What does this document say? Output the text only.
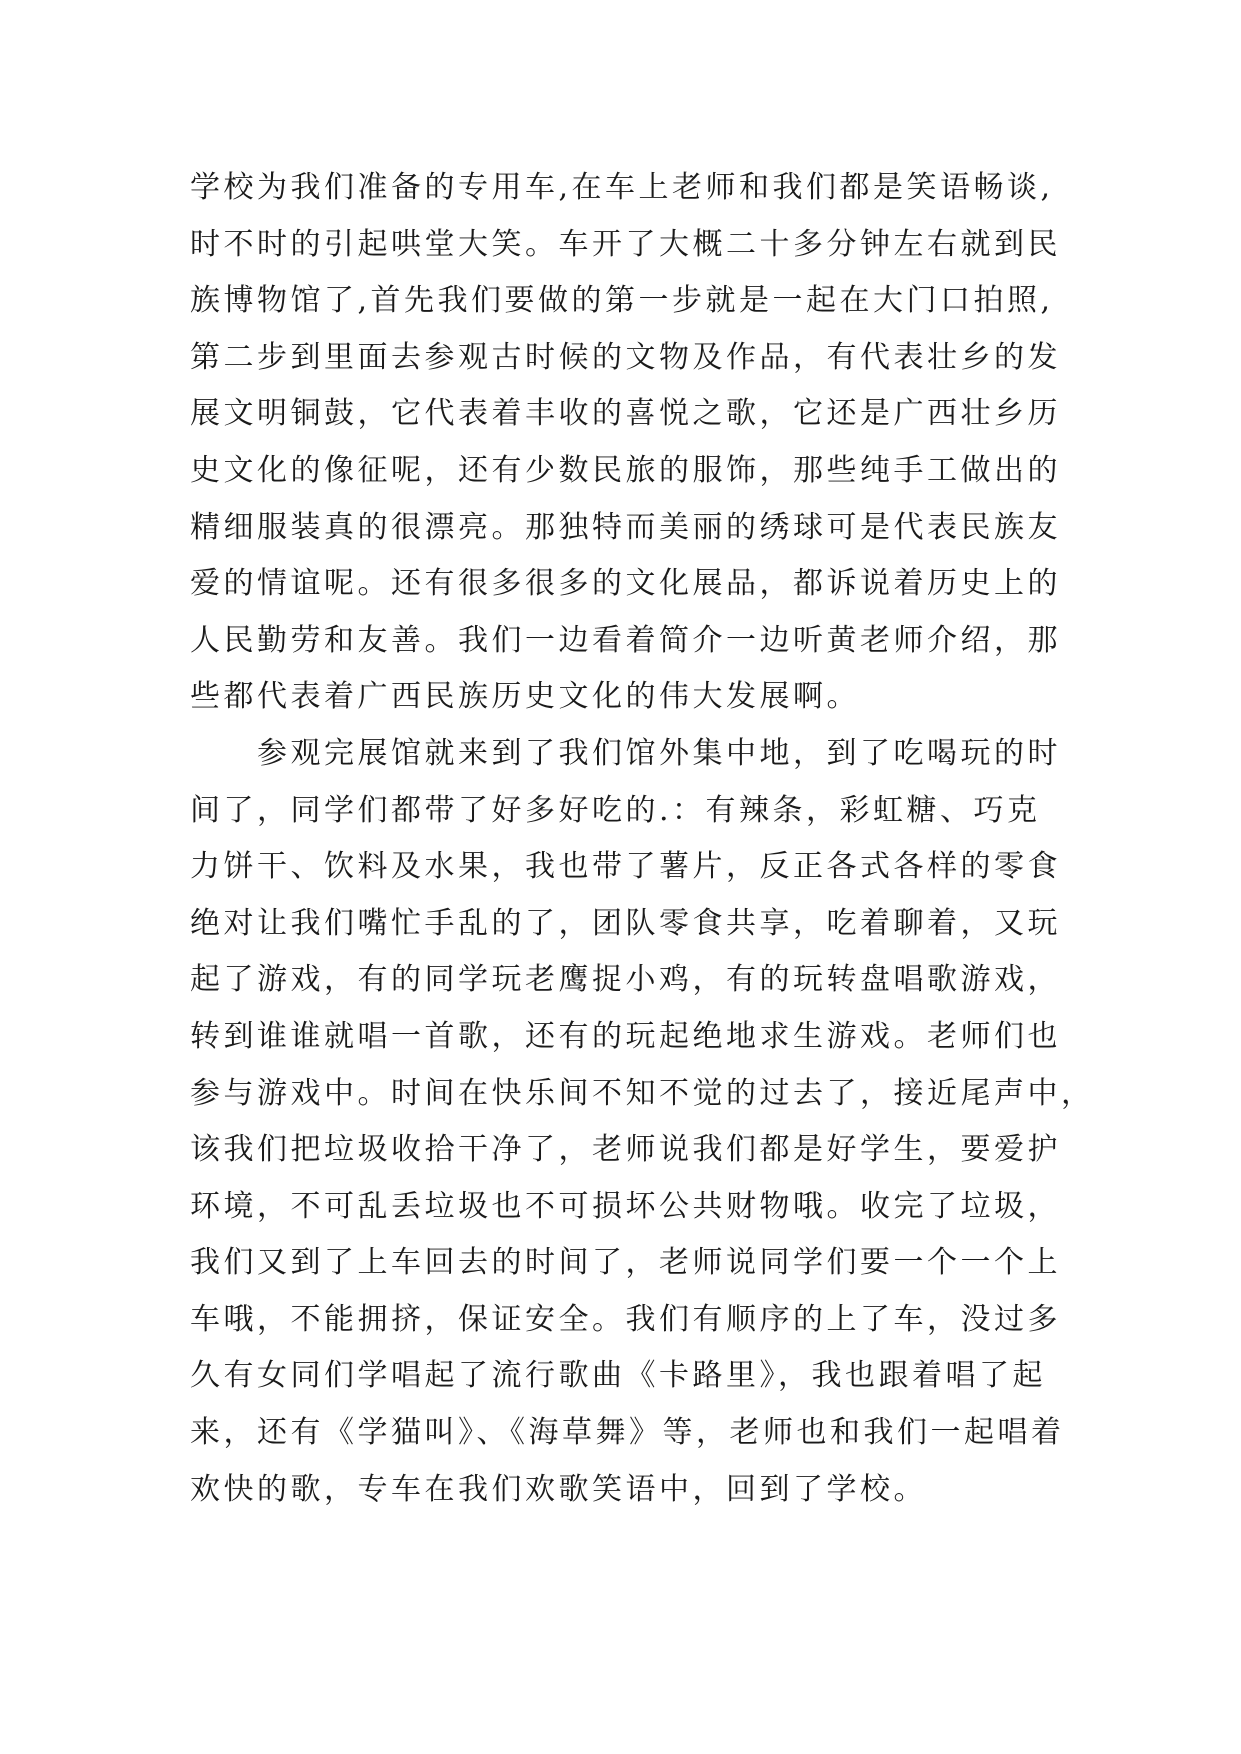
学校为我们准备的专用车,在车上老师和我们都是笑语畅谈,
时不时的引起哄堂大笑。车开了大概二十多分钟左右就到民
族博物馆了,首先我们要做的第一步就是一起在大门口拍照,
第二步到里面去参观古时候的文物及作品，有代表壮乡的发
展文明铜鼓，它代表着丰收的喜悦之歌，它还是广西壮乡历
史文化的像征呢，还有少数民旅的服饰，那些纯手工做出的
精细服装真的很漂亮。那独特而美丽的绣球可是代表民族友
爱的情谊呢。还有很多很多的文化展品，都诉说着历史上的
人民勤劳和友善。我们一边看着简介一边听黄老师介绍，那
些都代表着广西民族历史文化的伟大发展啊。
参观完展馆就来到了我们馆外集中地，到了吃喝玩的时
间了，同学们都带了好多好吃的.：有辣条，彩虹糖、巧克
力饼干、饮料及水果，我也带了薯片，反正各式各样的零食
绝对让我们嘴忙手乱的了，团队零食共享，吃着聊着，又玩
起了游戏，有的同学玩老鹰捉小鸡，有的玩转盘唱歌游戏，
转到谁谁就唱一首歌，还有的玩起绝地求生游戏。老师们也
参与游戏中。时间在快乐间不知不觉的过去了，接近尾声中，
该我们把垃圾收拾干净了，老师说我们都是好学生，要爱护
环境，不可乱丢垃圾也不可损坏公共财物哦。收完了垃圾，
我们又到了上车回去的时间了，老师说同学们要一个一个上
车哦，不能拥挤，保证安全。我们有顺序的上了车，没过多
久有女同们学唱起了流行歌曲《卡路里》，我也跟着唱了起
来，还有《学猫叫》、《海草舞》等，老师也和我们一起唱着
欢快的歌，专车在我们欢歌笑语中，回到了学校。
